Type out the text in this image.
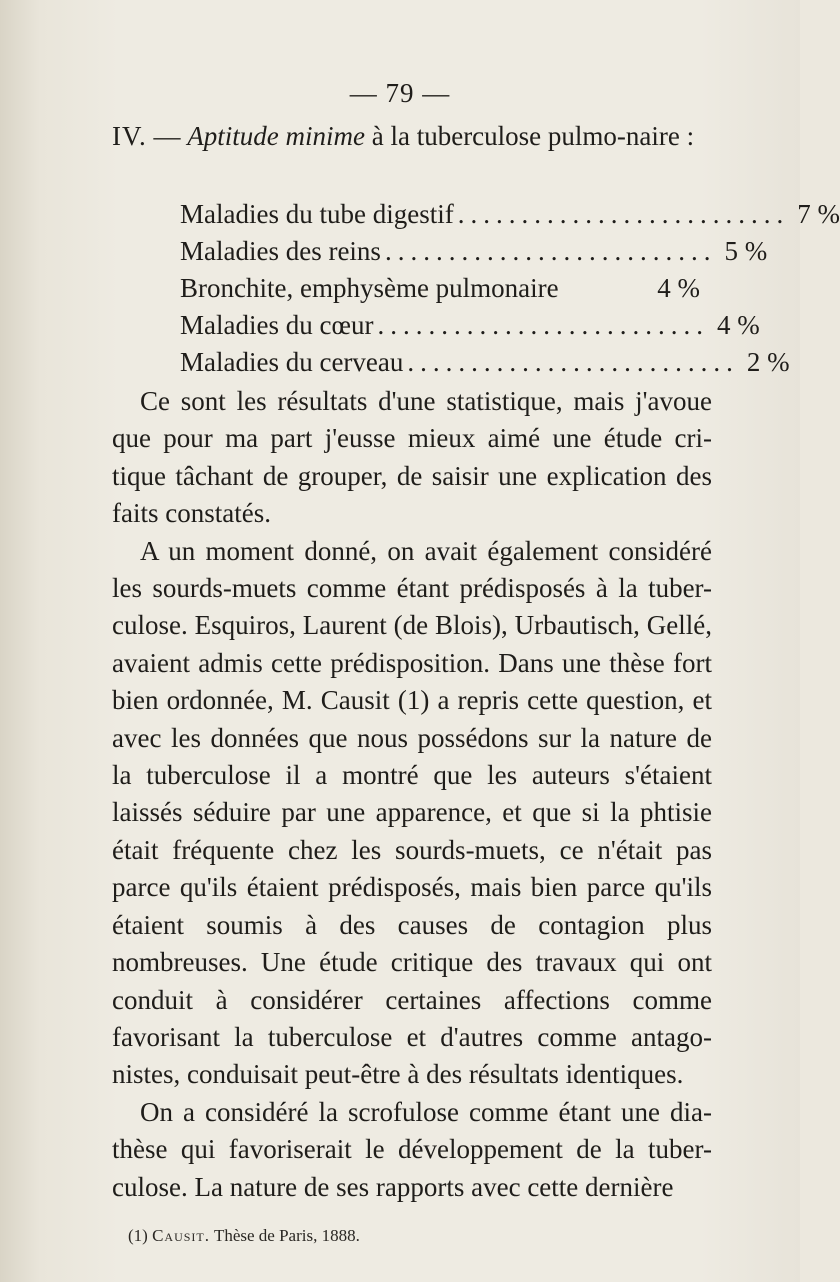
— 79 —
IV. — Aptitude minime à la tuberculose pulmo-naire :
Maladies du tube digestif .......................... 7 %
Maladies des reins .......................... 5 %
Bronchite, emphysème pulmonaire	4 %
Maladies du cœur .......................... 4 %
Maladies du cerveau .......................... 2 %

Ce sont les résultats d'une statistique, mais j'avoue que pour ma part j'eusse mieux aimé une étude cri-tique tâchant de grouper, de saisir une explication des faits constatés.

A un moment donné, on avait également considéré les sourds-muets comme étant prédisposés à la tuber-culose. Esquiros, Laurent (de Blois), Urbautisch, Gellé, avaient admis cette prédisposition. Dans une thèse fort bien ordonnée, M. Causit (1) a repris cette question, et avec les données que nous possédons sur la nature de la tuberculose il a montré que les auteurs s'étaient laissés séduire par une apparence, et que si la phtisie était fréquente chez les sourds-muets, ce n'était pas parce qu'ils étaient prédisposés, mais bien parce qu'ils étaient soumis à des causes de contagion plus nombreuses. Une étude critique des travaux qui ont conduit à considérer certaines affections comme favorisant la tuberculose et d'autres comme antago-nistes, conduisait peut-être à des résultats identiques.

On a considéré la scrofulose comme étant une dia-thèse qui favoriserait le développement de la tuber-culose. La nature de ses rapports avec cette dernière

(1) Causit. Thèse de Paris, 1888.
